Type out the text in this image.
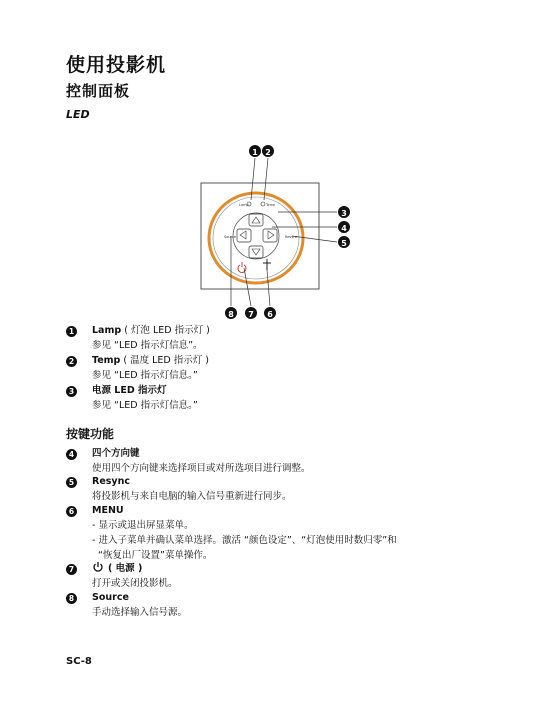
使用投影机
控制面板
LED
Lamp	Temp
Source	Resync
1 2
3
4
5
8 7 6
1	Lamp ( 灯泡 LED 指示灯 )
参见 “LED 指示灯信息”。
2	Temp ( 温度 LED 指示灯 )
参见 “LED 指示灯信息。”
3	电源 LED 指示灯
参见 “LED 指示灯信息。”
按键功能
4	四个方向键
使用四个方向键来选择项目或对所选项目进行调整。
5	Resync
将投影机与来自电脑的输入信号重新进行同步。
6	MENU
- 显示或退出屏显菜单。
- 进入子菜单并确认菜单选择。激活 “颜色设定”、“灯泡使用时数归零”和
“恢复出厂设置”菜单操作。
7	( 电源 )
打开或关闭投影机。
8	Source
手动选择输入信号源。
SC-8
